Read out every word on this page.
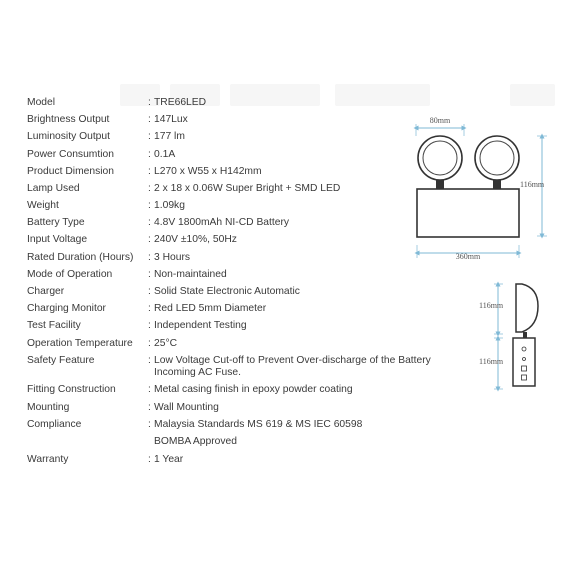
Model	: TRE66LED
Brightness Output	: 147Lux
Luminosity Output	: 177 lm
Power Consumtion	: 0.1A
Product Dimension	: L270 x W55 x H142mm
Lamp Used	: 2 x 18 x 0.06W Super Bright + SMD LED
Weight	: 1.09kg
Battery Type	: 4.8V 1800mAh NI-CD Battery
Input Voltage	: 240V ±10%, 50Hz
Rated Duration (Hours) : 3 Hours
Mode of Operation	: Non-maintained
Charger	: Solid State Electronic Automatic
Charging Monitor	: Red LED 5mm Diameter
Test Facility	: Independent Testing
Operation Temperature : 25°C
Safety Feature	: Low Voltage Cut-off to Prevent Over-discharge of the Battery
Incoming AC Fuse.
Fitting Construction	: Metal casing finish in epoxy powder coating
Mounting	: Wall Mounting
Compliance	: Malaysia Standards MS 619 & MS IEC 60598
BOMBA Approved
Warranty	: 1 Year
80mm
116mm
360mm
116mm
116mm
